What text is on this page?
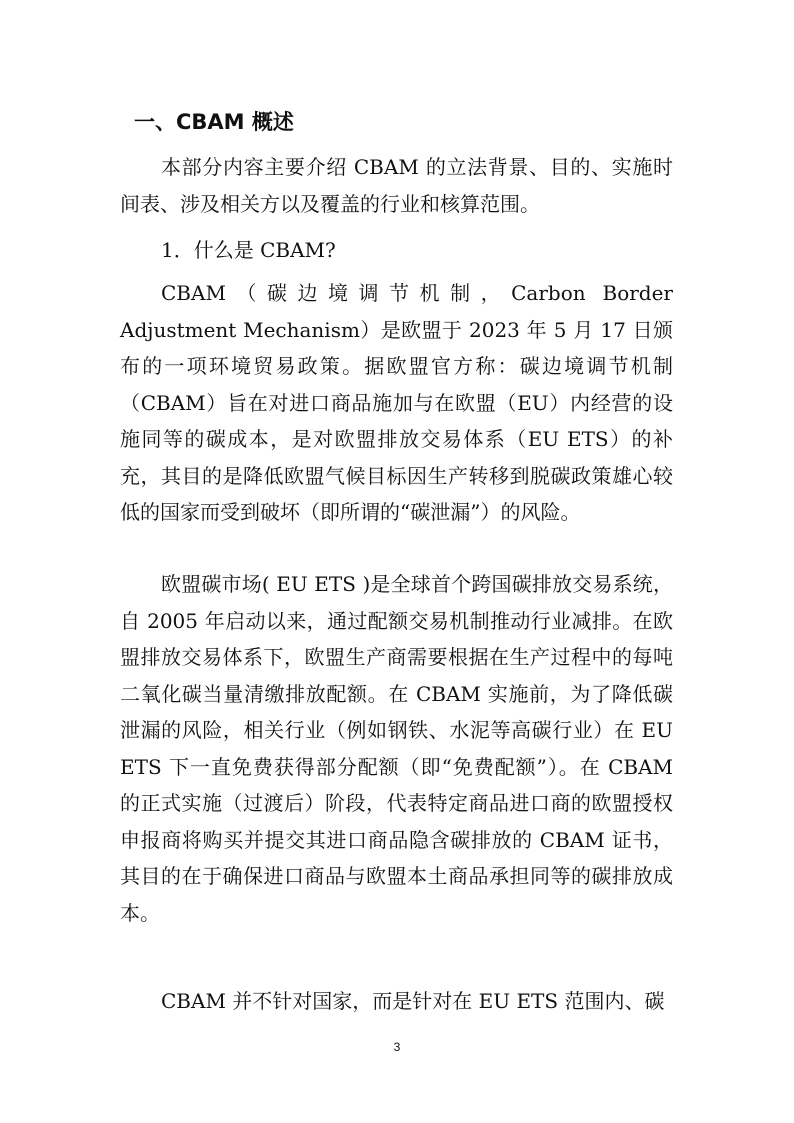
一、CBAM 概述
本部分内容主要介绍 CBAM 的立法背景、目的、实施时间表、涉及相关方以及覆盖的行业和核算范围。
1．什么是 CBAM?
CBAM（碳边境调节机制，Carbon Border Adjustment Mechanism）是欧盟于 2023 年 5 月 17 日颁布的一项环境贸易政策。据欧盟官方称：碳边境调节机制（CBAM）旨在对进口商品施加与在欧盟（EU）内经营的设施同等的碳成本，是对欧盟排放交易体系（EU ETS）的补充，其目的是降低欧盟气候目标因生产转移到脱碳政策雄心较低的国家而受到破坏（即所谓的“碳泄漏”）的风险。
欧盟碳市场( EU ETS )是全球首个跨国碳排放交易系统，自 2005 年启动以来，通过配额交易机制推动行业减排。在欧盟排放交易体系下，欧盟生产商需要根据在生产过程中的每吨二氧化碳当量清缴排放配额。在 CBAM 实施前，为了降低碳泄漏的风险，相关行业（例如钢铁、水泥等高碳行业）在 EU ETS 下一直免费获得部分配额（即“免费配额”）。在 CBAM 的正式实施（过渡后）阶段，代表特定商品进口商的欧盟授权申报商将购买并提交其进口商品隐含碳排放的 CBAM 证书，其目的在于确保进口商品与欧盟本土商品承担同等的碳排放成本。
CBAM 并不针对国家，而是针对在 EU ETS 范围内、碳
3
